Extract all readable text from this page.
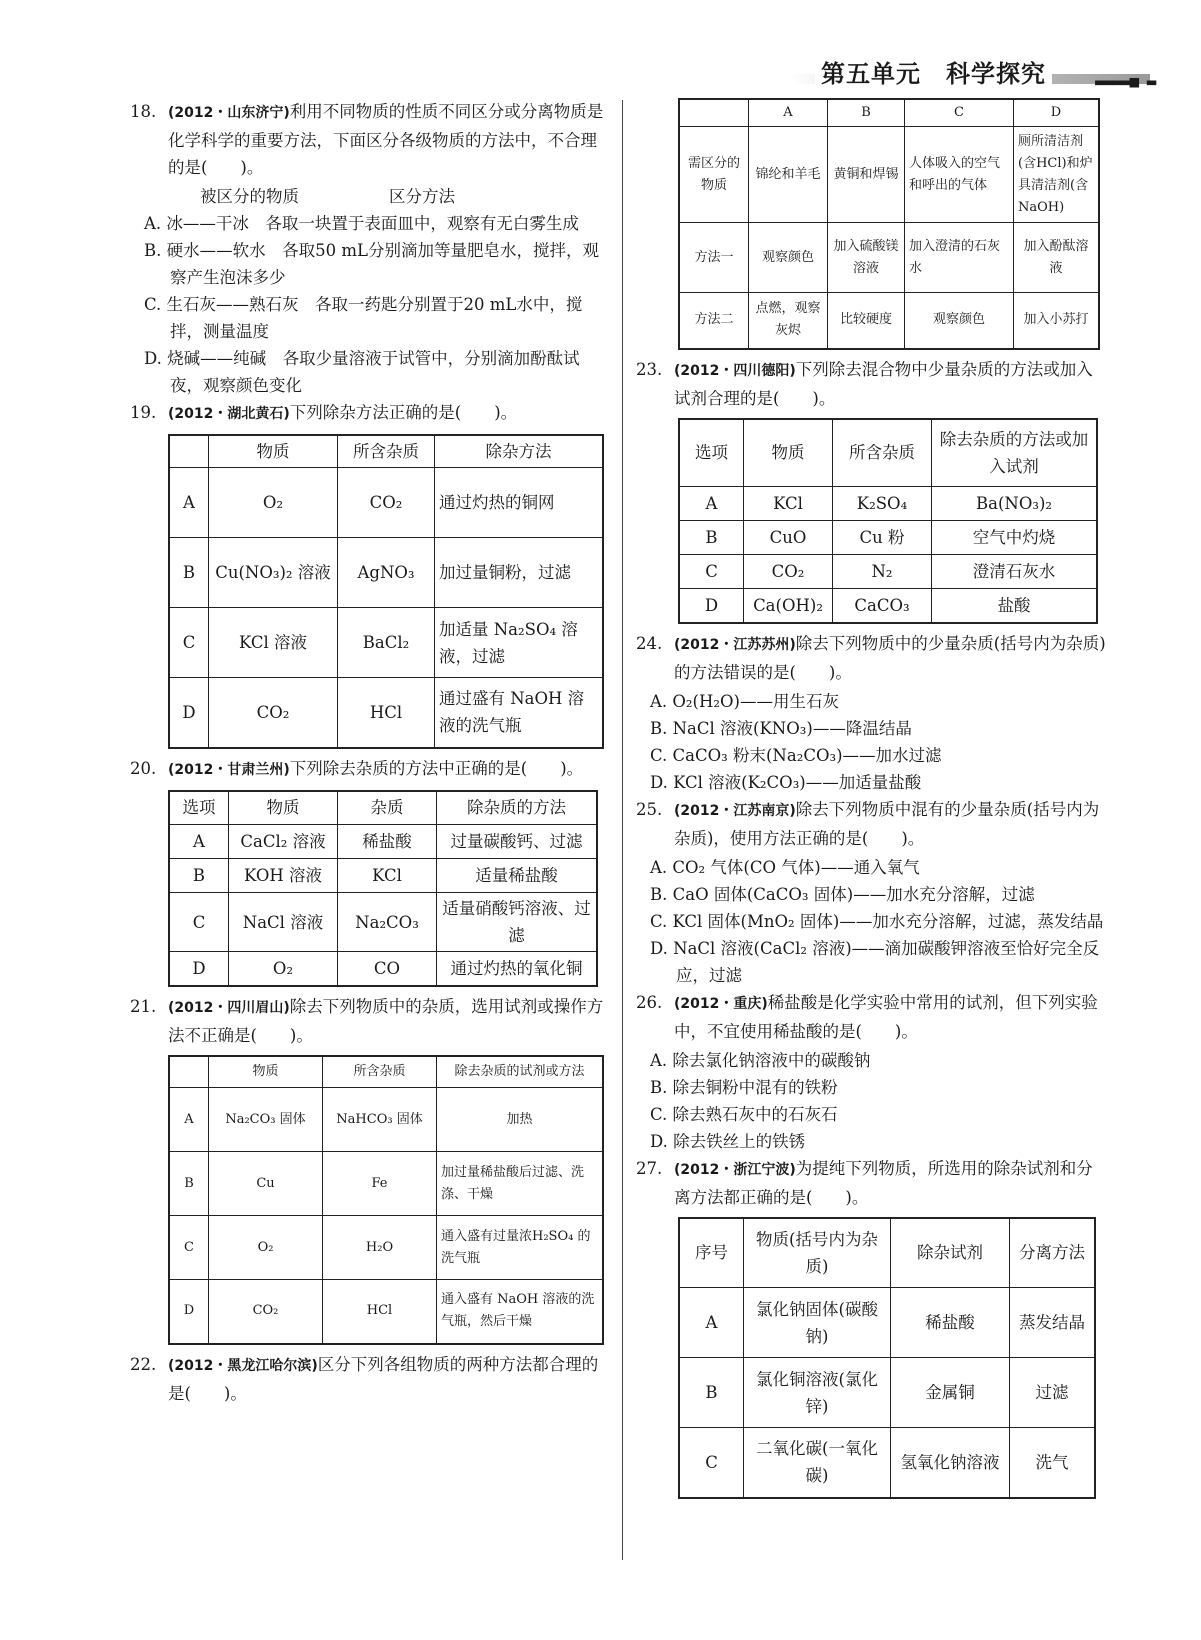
第五单元　科学探究	▬▬▬▬■ ▬
18. (2012・山东济宁)利用不同物质的性质不同区分或分离物质是化学科学的重要方法，下面区分各级物质的方法中，不合理的是(　　)。
被区分的物质	区分方法
A. 冰——干冰　各取一块置于表面皿中，观察有无白雾生成
B. 硬水——软水　各取50 mL分别滴加等量肥皂水，搅拌，观察产生泡沫多少
C. 生石灰——熟石灰　各取一药匙分别置于20 mL水中，搅拌，测量温度
D. 烧碱——纯碱　各取少量溶液于试管中，分别滴加酚酞试夜，观察颜色变化
19. (2012・湖北黄石)下列除杂方法正确的是(　　)。
	物质	所含杂质	除杂方法
A	O₂	CO₂	通过灼热的铜网
B	Cu(NO₃)₂ 溶液	AgNO₃	加过量铜粉，过滤
C	KCl 溶液	BaCl₂	加适量 Na₂SO₄ 溶液，过滤
D	CO₂	HCl	通过盛有 NaOH 溶液的洗气瓶
20. (2012・甘肃兰州)下列除去杂质的方法中正确的是(　　)。
选项	物质	杂质	除杂质的方法
A	CaCl₂ 溶液	稀盐酸	过量碳酸钙、过滤
B	KOH 溶液	KCl	适量稀盐酸
C	NaCl 溶液	Na₂CO₃	适量硝酸钙溶液、过滤
D	O₂	CO	通过灼热的氧化铜
21. (2012・四川眉山)除去下列物质中的杂质，选用试剂或操作方法不正确是(　　)。
	物质	所含杂质	除去杂质的试剂或方法
A	Na₂CO₃ 固体	NaHCO₃ 固体	加热
B	Cu	Fe	加过量稀盐酸后过滤、洗涤、干燥
C	O₂	H₂O	通入盛有过量浓H₂SO₄ 的洗气瓶
D	CO₂	HCl	通入盛有 NaOH 溶液的洗气瓶，然后干燥
22. (2012・黑龙江哈尔滨)区分下列各组物质的两种方法都合理的是(　　)。
	A	B	C	D
需区分的物质	锦纶和羊毛	黄铜和焊锡	人体吸入的空气和呼出的气体	厕所清洁剂(含HCl)和炉具清洁剂(含 NaOH)
方法一	观察颜色	加入硫酸镁溶液	加入澄清的石灰水	加入酚酞溶液
方法二	点燃，观察灰烬	比较硬度	观察颜色	加入小苏打
23. (2012・四川德阳)下列除去混合物中少量杂质的方法或加入试剂合理的是(　　)。
选项	物质	所含杂质	除去杂质的方法或加入试剂
A	KCl	K₂SO₄	Ba(NO₃)₂
B	CuO	Cu 粉	空气中灼烧
C	CO₂	N₂	澄清石灰水
D	Ca(OH)₂	CaCO₃	盐酸
24. (2012・江苏苏州)除去下列物质中的少量杂质(括号内为杂质)的方法错误的是(　　)。
A. O₂(H₂O)——用生石灰
B. NaCl 溶液(KNO₃)——降温结晶
C. CaCO₃ 粉末(Na₂CO₃)——加水过滤
D. KCl 溶液(K₂CO₃)——加适量盐酸
25. (2012・江苏南京)除去下列物质中混有的少量杂质(括号内为杂质)，使用方法正确的是(　　)。
A. CO₂ 气体(CO 气体)——通入氧气
B. CaO 固体(CaCO₃ 固体)——加水充分溶解，过滤
C. KCl 固体(MnO₂ 固体)——加水充分溶解，过滤，蒸发结晶
D. NaCl 溶液(CaCl₂ 溶液)——滴加碳酸钾溶液至恰好完全反应，过滤
26. (2012・重庆)稀盐酸是化学实验中常用的试剂，但下列实验中，不宜使用稀盐酸的是(　　)。
A. 除去氯化钠溶液中的碳酸钠
B. 除去铜粉中混有的铁粉
C. 除去熟石灰中的石灰石
D. 除去铁丝上的铁锈
27. (2012・浙江宁波)为提纯下列物质，所选用的除杂试剂和分离方法都正确的是(　　)。
序号	物质(括号内为杂质)	除杂试剂	分离方法
A	氯化钠固体(碳酸钠)	稀盐酸	蒸发结晶
B	氯化铜溶液(氯化锌)	金属铜	过滤
C	二氧化碳(一氧化碳)	氢氧化钠溶液	洗气
